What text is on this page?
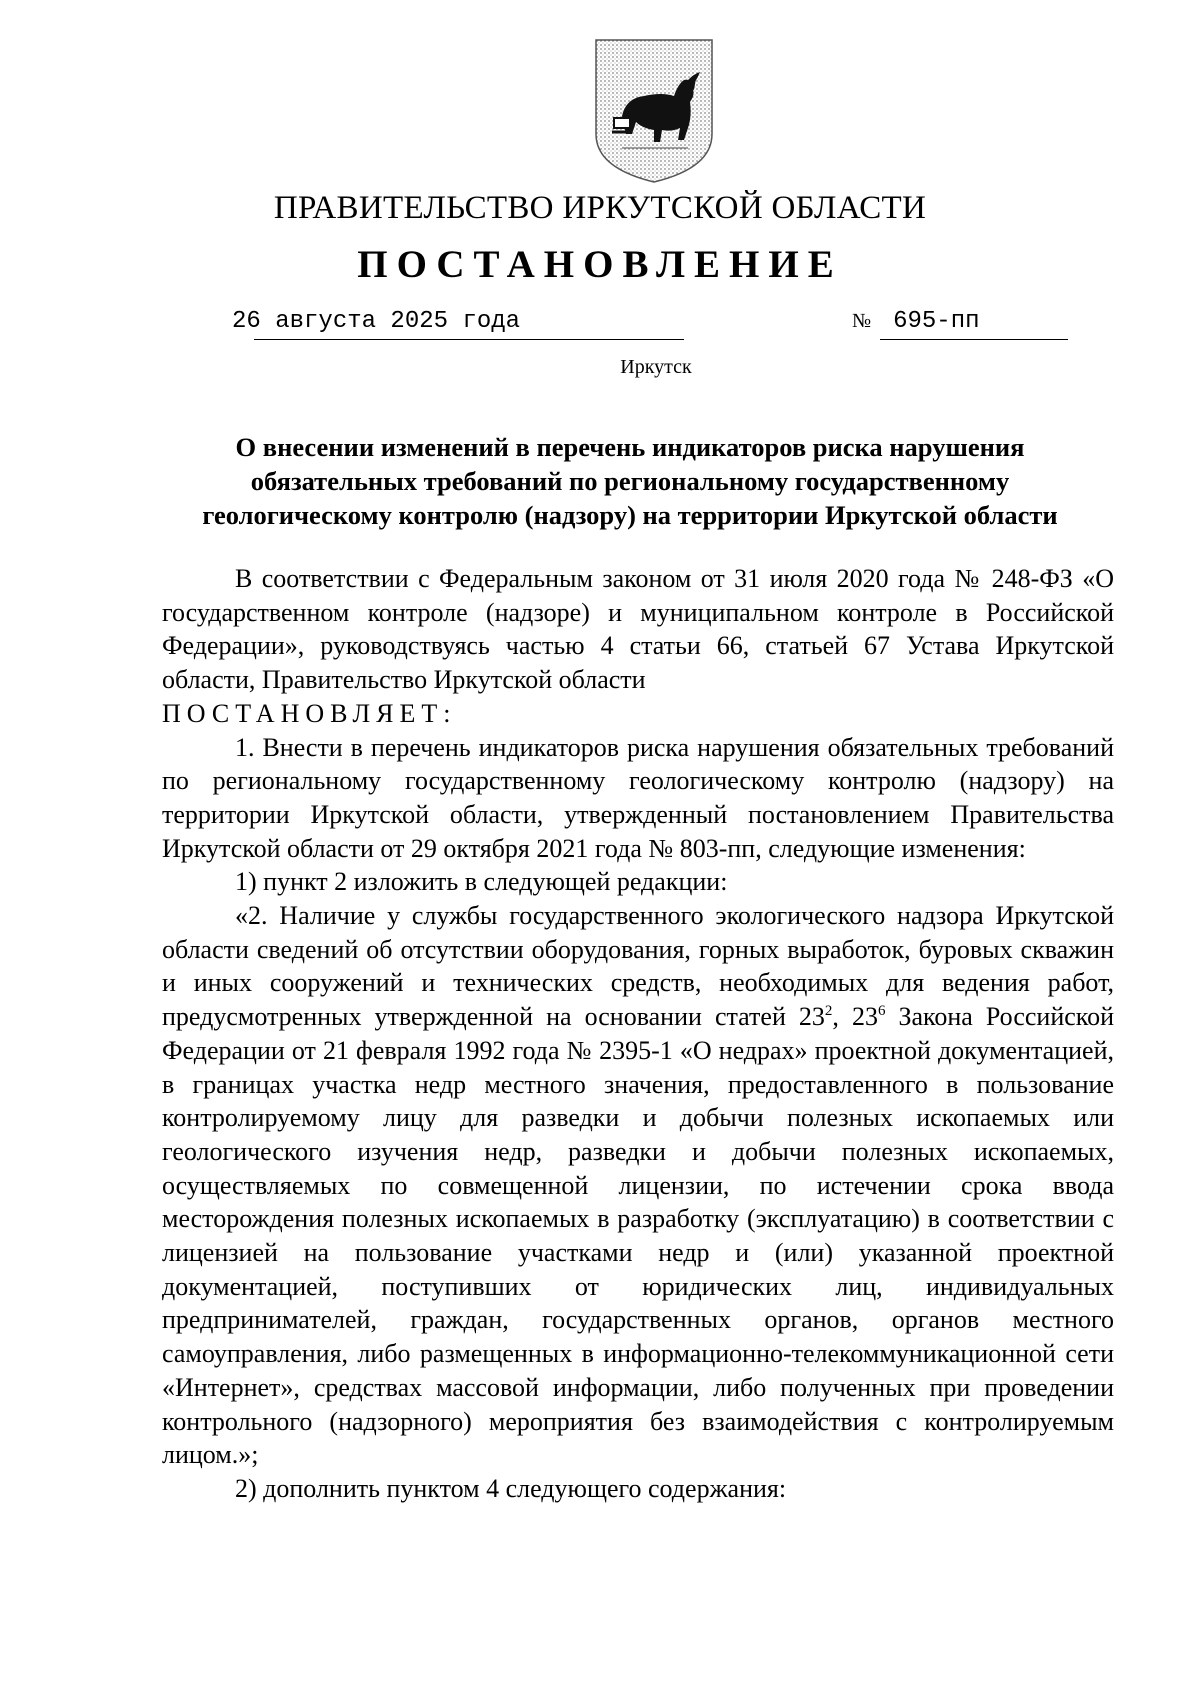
ПРАВИТЕЛЬСТВО ИРКУТСКОЙ ОБЛАСТИ
ПОСТАНОВЛЕНИЕ
26 августа 2025 года	№ 695-пп
Иркутск
О внесении изменений в перечень индикаторов риска нарушения
обязательных требований по региональному государственному
геологическому контролю (надзору) на территории Иркутской области

В соответствии с Федеральным законом от 31 июля 2020 года № 248-ФЗ «О государственном контроле (надзоре) и муниципальном контроле в Российской Федерации», руководствуясь частью 4 статьи 66, статьей 67 Устава Иркутской области, Правительство Иркутской области

ПОСТАНОВЛЯЕТ:

1. Внести в перечень индикаторов риска нарушения обязательных требований по региональному государственному геологическому контролю (надзору) на территории Иркутской области, утвержденный постановлением Правительства Иркутской области от 29 октября 2021 года № 803-пп, следующие изменения:

1) пункт 2 изложить в следующей редакции:

«2. Наличие у службы государственного экологического надзора Иркутской области сведений об отсутствии оборудования, горных выработок, буровых скважин и иных сооружений и технических средств, необходимых для ведения работ, предусмотренных утвержденной на основании статей $23^2$, $23^6$ Закона Российской Федерации от 21 февраля 1992 года № 2395-1 «О недрах» проектной документацией, в границах участка недр местного значения, предоставленного в пользование контролируемому лицу для разведки и добычи полезных ископаемых или геологического изучения недр, разведки и добычи полезных ископаемых, осуществляемых по совмещенной лицензии, по истечении срока ввода месторождения полезных ископаемых в разработку (эксплуатацию) в соответствии с лицензией на пользование участками недр и (или) указанной проектной документацией, поступивших от юридических лиц, индивидуальных предпринимателей, граждан, государственных органов, органов местного самоуправления, либо размещенных в информационно-телекоммуникационной сети «Интернет», средствах массовой информации, либо полученных при проведении контрольного (надзорного) мероприятия без взаимодействия с контролируемым лицом.»;

2) дополнить пунктом 4 следующего содержания:
